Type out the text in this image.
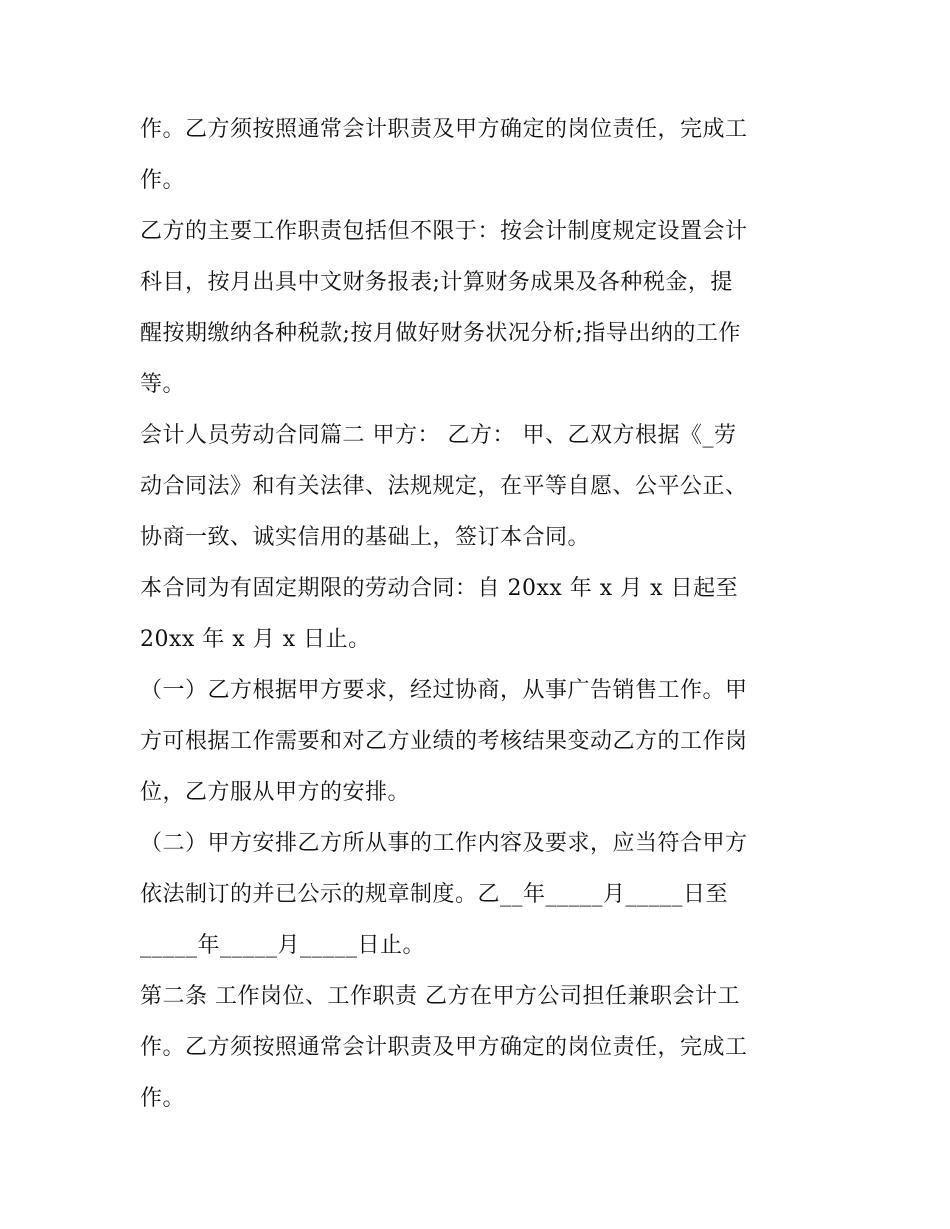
作。乙方须按照通常会计职责及甲方确定的岗位责任，完成工
作。
乙方的主要工作职责包括但不限于：按会计制度规定设置会计
科目，按月出具中文财务报表;计算财务成果及各种税金，提
醒按期缴纳各种税款;按月做好财务状况分析;指导出纳的工作
等。
会计人员劳动合同篇二 甲方： 乙方： 甲、乙双方根据《_劳
动合同法》和有关法律、法规规定，在平等自愿、公平公正、
协商一致、诚实信用的基础上，签订本合同。
本合同为有固定期限的劳动合同：自 20xx 年 x 月 x 日起至
20xx 年 x 月 x 日止。
（一）乙方根据甲方要求，经过协商，从事广告销售工作。甲
方可根据工作需要和对乙方业绩的考核结果变动乙方的工作岗
位，乙方服从甲方的安排。
（二）甲方安排乙方所从事的工作内容及要求，应当符合甲方
依法制订的并已公示的规章制度。乙__年_____月_____日至
_____年_____月_____日止。
第二条 工作岗位、工作职责 乙方在甲方公司担任兼职会计工
作。乙方须按照通常会计职责及甲方确定的岗位责任，完成工
作。
